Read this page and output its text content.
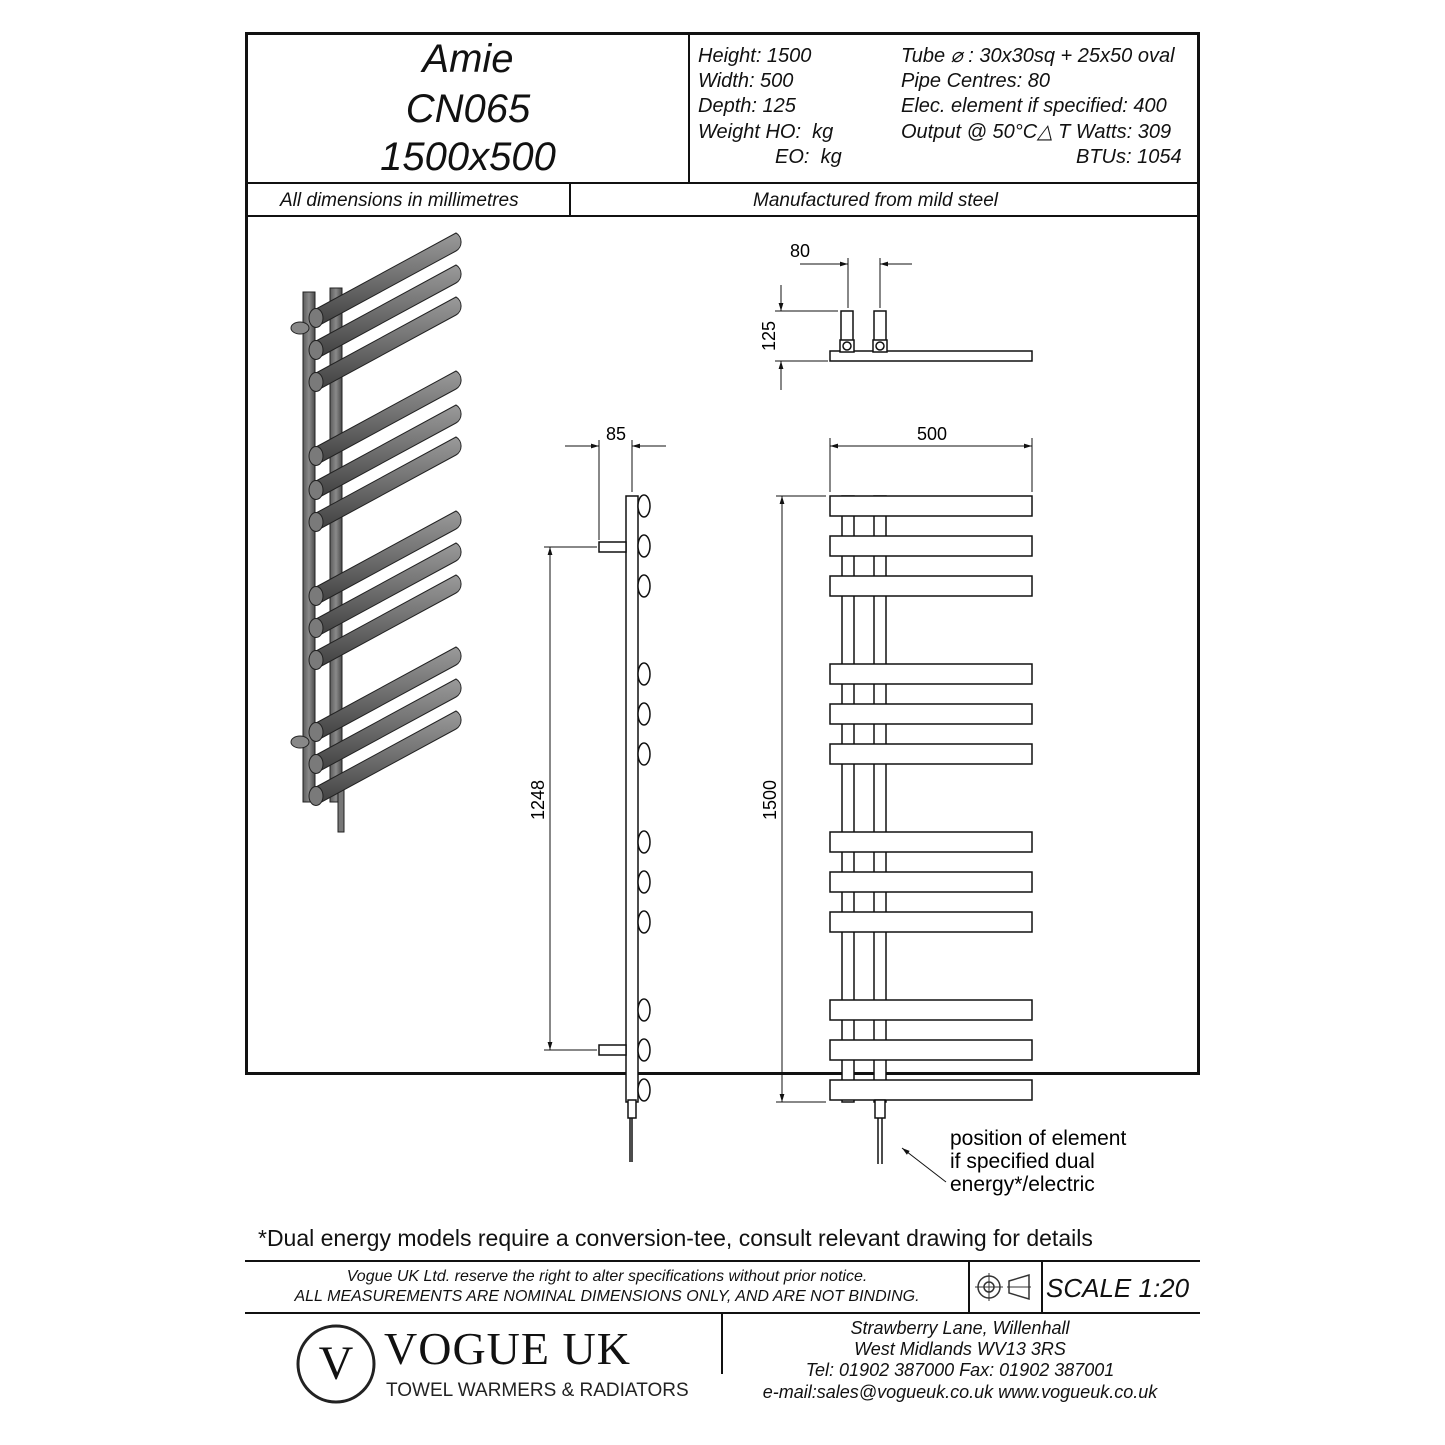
Amie
CN065
1500x500
Height: 1500
Width: 500
Depth: 125
Weight HO:  kg
EO:  kg
Tube ⌀ : 30x30sq + 25x50 oval
Pipe Centres: 80
Elec. element if specified: 400
Output @ 50°C△ T Watts: 309
BTUs: 1054
All dimensions in millimetres	Manufactured from mild steel
*Dual energy models require a conversion-tee, consult relevant drawing for details
Vogue UK Ltd. reserve the right to alter specifications without prior notice.
ALL MEASUREMENTS ARE NOMINAL DIMENSIONS ONLY, AND ARE NOT BINDING.	SCALE 1:20
V VOGUE UK
TOWEL WARMERS & RADIATORS
Strawberry Lane, Willenhall
West Midlands WV13 3RS
Tel: 01902 387000 Fax: 01902 387001
e-mail:sales@vogueuk.co.uk www.vogueuk.co.uk
80
125
85	500
1248	1500
position of element
if specified dual
energy*/electric
